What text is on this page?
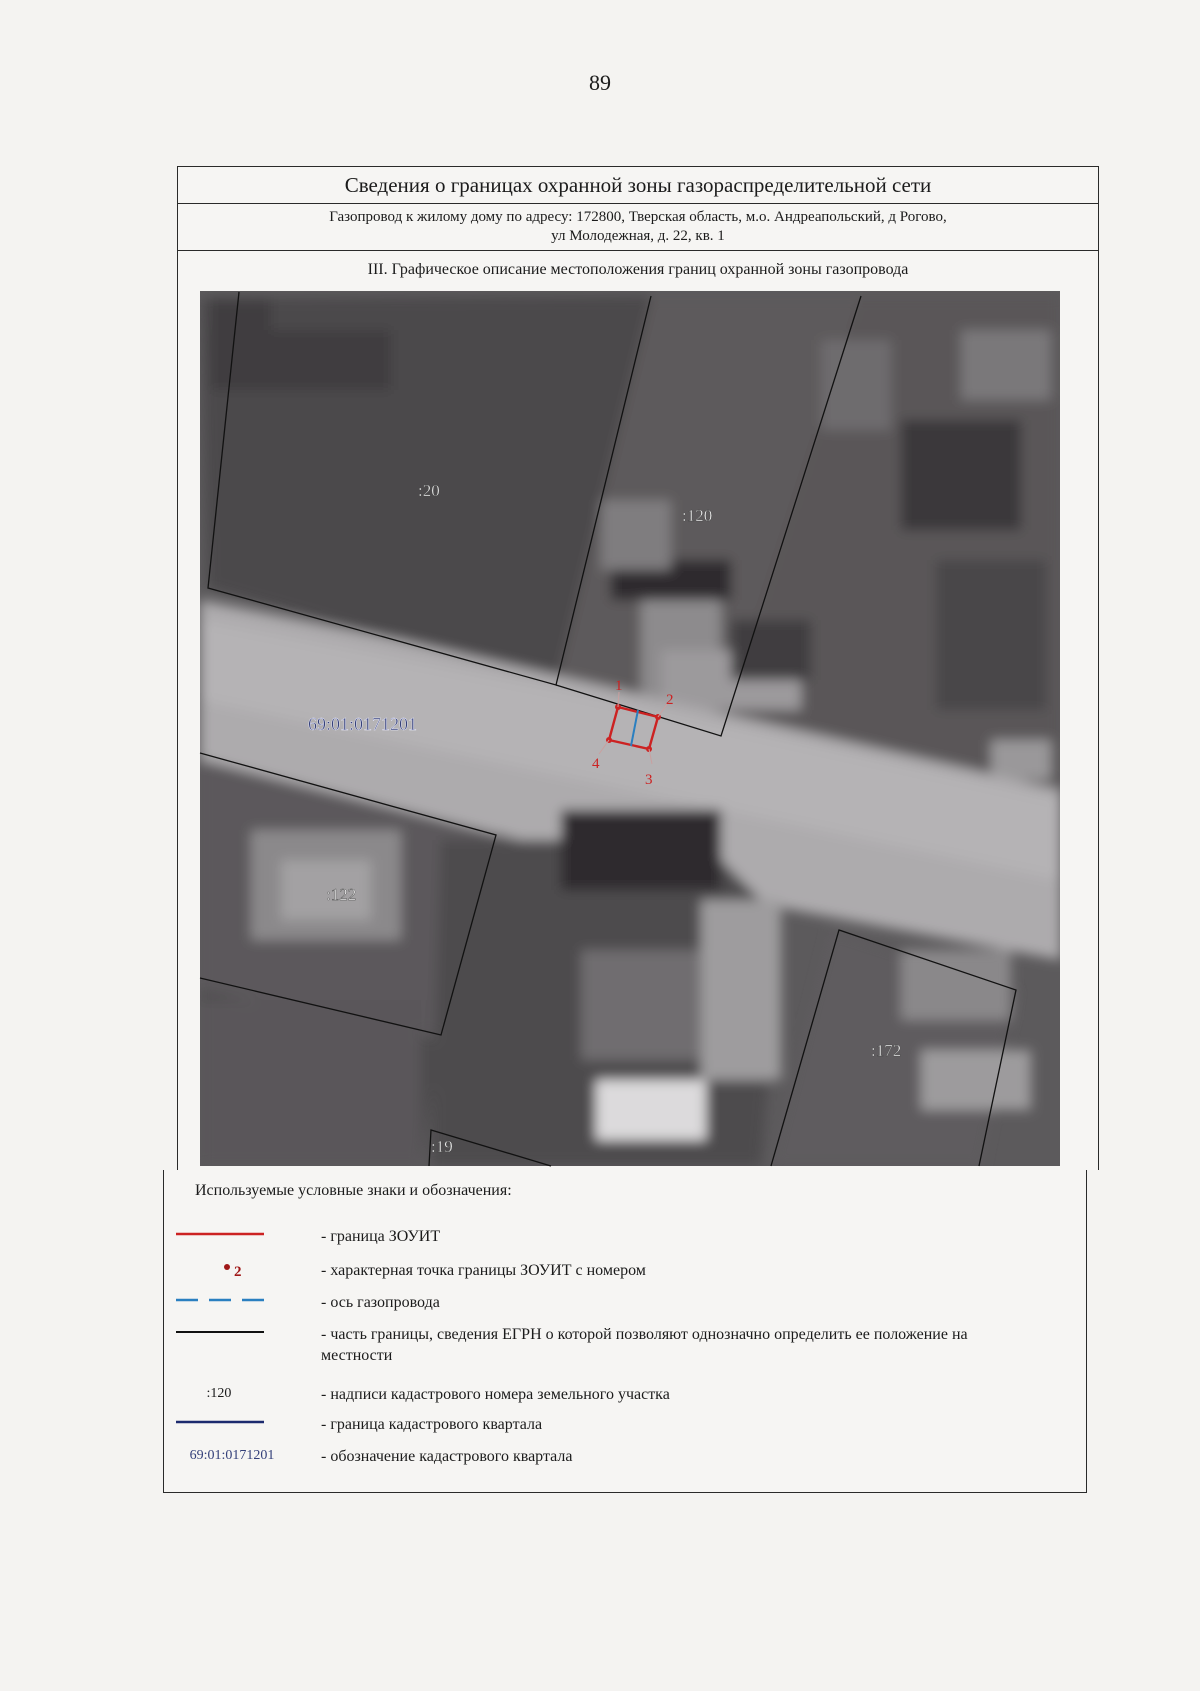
89
Сведения о границах охранной зоны газораспределительной сети
Газопровод к жилому дому по адресу: 172800, Тверская область, м.о. Андреапольский, д Рогово,
ул Молодежная, д. 22, кв. 1
III. Графическое описание местоположения границ охранной зоны газопровода
:20
:120
:122
:172
:19
69:01:0171201
1
2
3
4
Используемые условные знаки и обозначения:
- граница ЗОУИТ
2	- характерная точка границы ЗОУИТ с номером
- ось газопровода
- часть границы, сведения ЕГРН о которой позволяют однозначно определить ее положение на местности
:120	- надписи кадастрового номера земельного участка
- граница кадастрового квартала
69:01:0171201	- обозначение кадастрового квартала
